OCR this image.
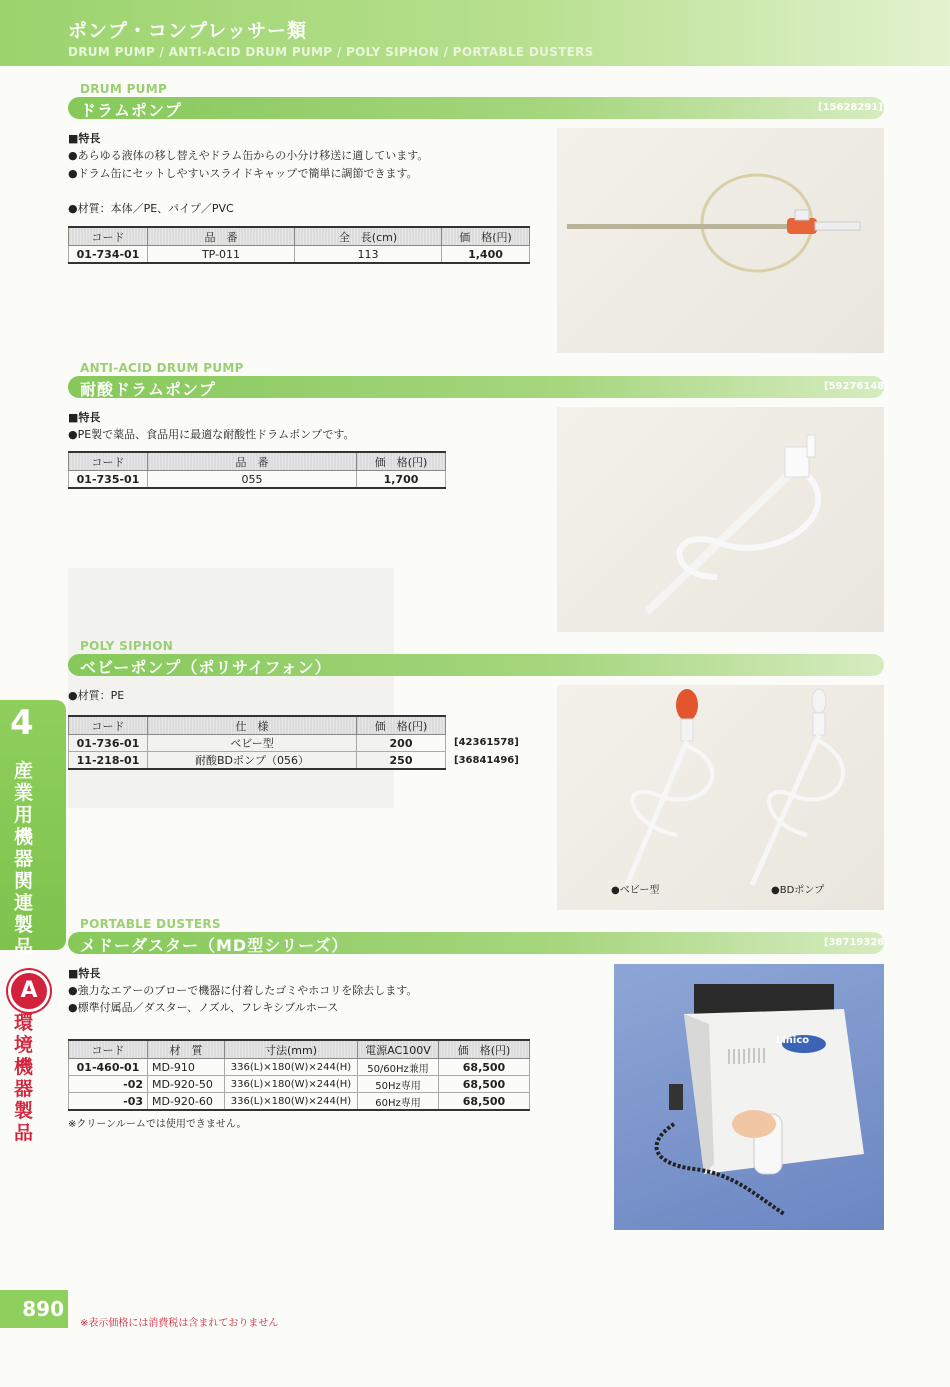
ポンプ・コンプレッサー類
DRUM PUMP / ANTI-ACID DRUM PUMP / POLY SIPHON / PORTABLE DUSTERS
DRUM PUMP
ドラムポンプ	[15628291]
■特長
●あらゆる液体の移し替えやドラム缶からの小分け移送に適しています。
●ドラム缶にセットしやすいスライドキャップで簡単に調節できます。
●材質：本体／PE、パイプ／PVC
コード	品　番	全　長(cm)	価　格(円)
01-734-01	TP-011	113	1,400
ANTI-ACID DRUM PUMP
耐酸ドラムポンプ	[59276148]
■特長
●PE製で薬品、食品用に最適な耐酸性ドラムポンプです。
コード	品　番	価　格(円)
01-735-01	055	1,700
POLY SIPHON
ベビーポンプ（ポリサイフォン）
●材質：PE
コード	仕　様	価　格(円)
01-736-01	ベビー型	200
11-218-01	耐酸BDポンプ（056）	250
[42361578]
[36841496]
●ベビー型	●BDポンプ
PORTABLE DUSTERS
メドーダスター（MD型シリーズ）	[38719326]
■特長
●強力なエアーのブローで機器に付着したゴミやホコリを除去します。
●標準付属品／ダスター、ノズル、フレキシブルホース
コード	材　質	寸法(mm)	電源AC100V	価　格(円)
01-460-01	MD-910	336(L)×180(W)×244(H)	50/60Hz兼用	68,500
-02	MD-920-50	336(L)×180(W)×244(H)	50Hz専用	68,500
-03	MD-920-60	336(L)×180(W)×244(H)	60Hz専用	68,500
※クリーンルームでは使用できません。
Linico
4
産業用機器関連製品
A
環境機器製品
890
※表示価格には消費税は含まれておりません
